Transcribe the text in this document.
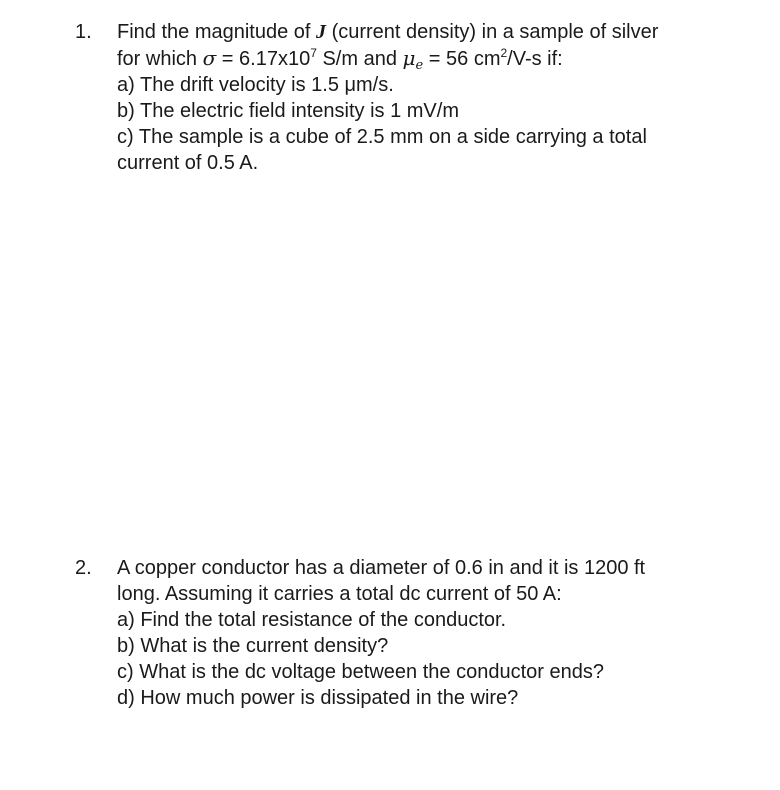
1. Find the magnitude of J (current density) in a sample of silver
for which $\sigma = 6.17x10^7$ S/m and $\mu_e = 56$ $cm^2/V-s$ if:
a) The drift velocity is 1.5 μm/s.
b) The electric field intensity is 1 mV/m
c) The sample is a cube of 2.5 mm on a side carrying a total
current of 0.5 A.
2. A copper conductor has a diameter of 0.6 in and it is 1200 ft
long. Assuming it carries a total dc current of 50 A:
a) Find the total resistance of the conductor.
b) What is the current density?
c) What is the dc voltage between the conductor ends?
d) How much power is dissipated in the wire?
